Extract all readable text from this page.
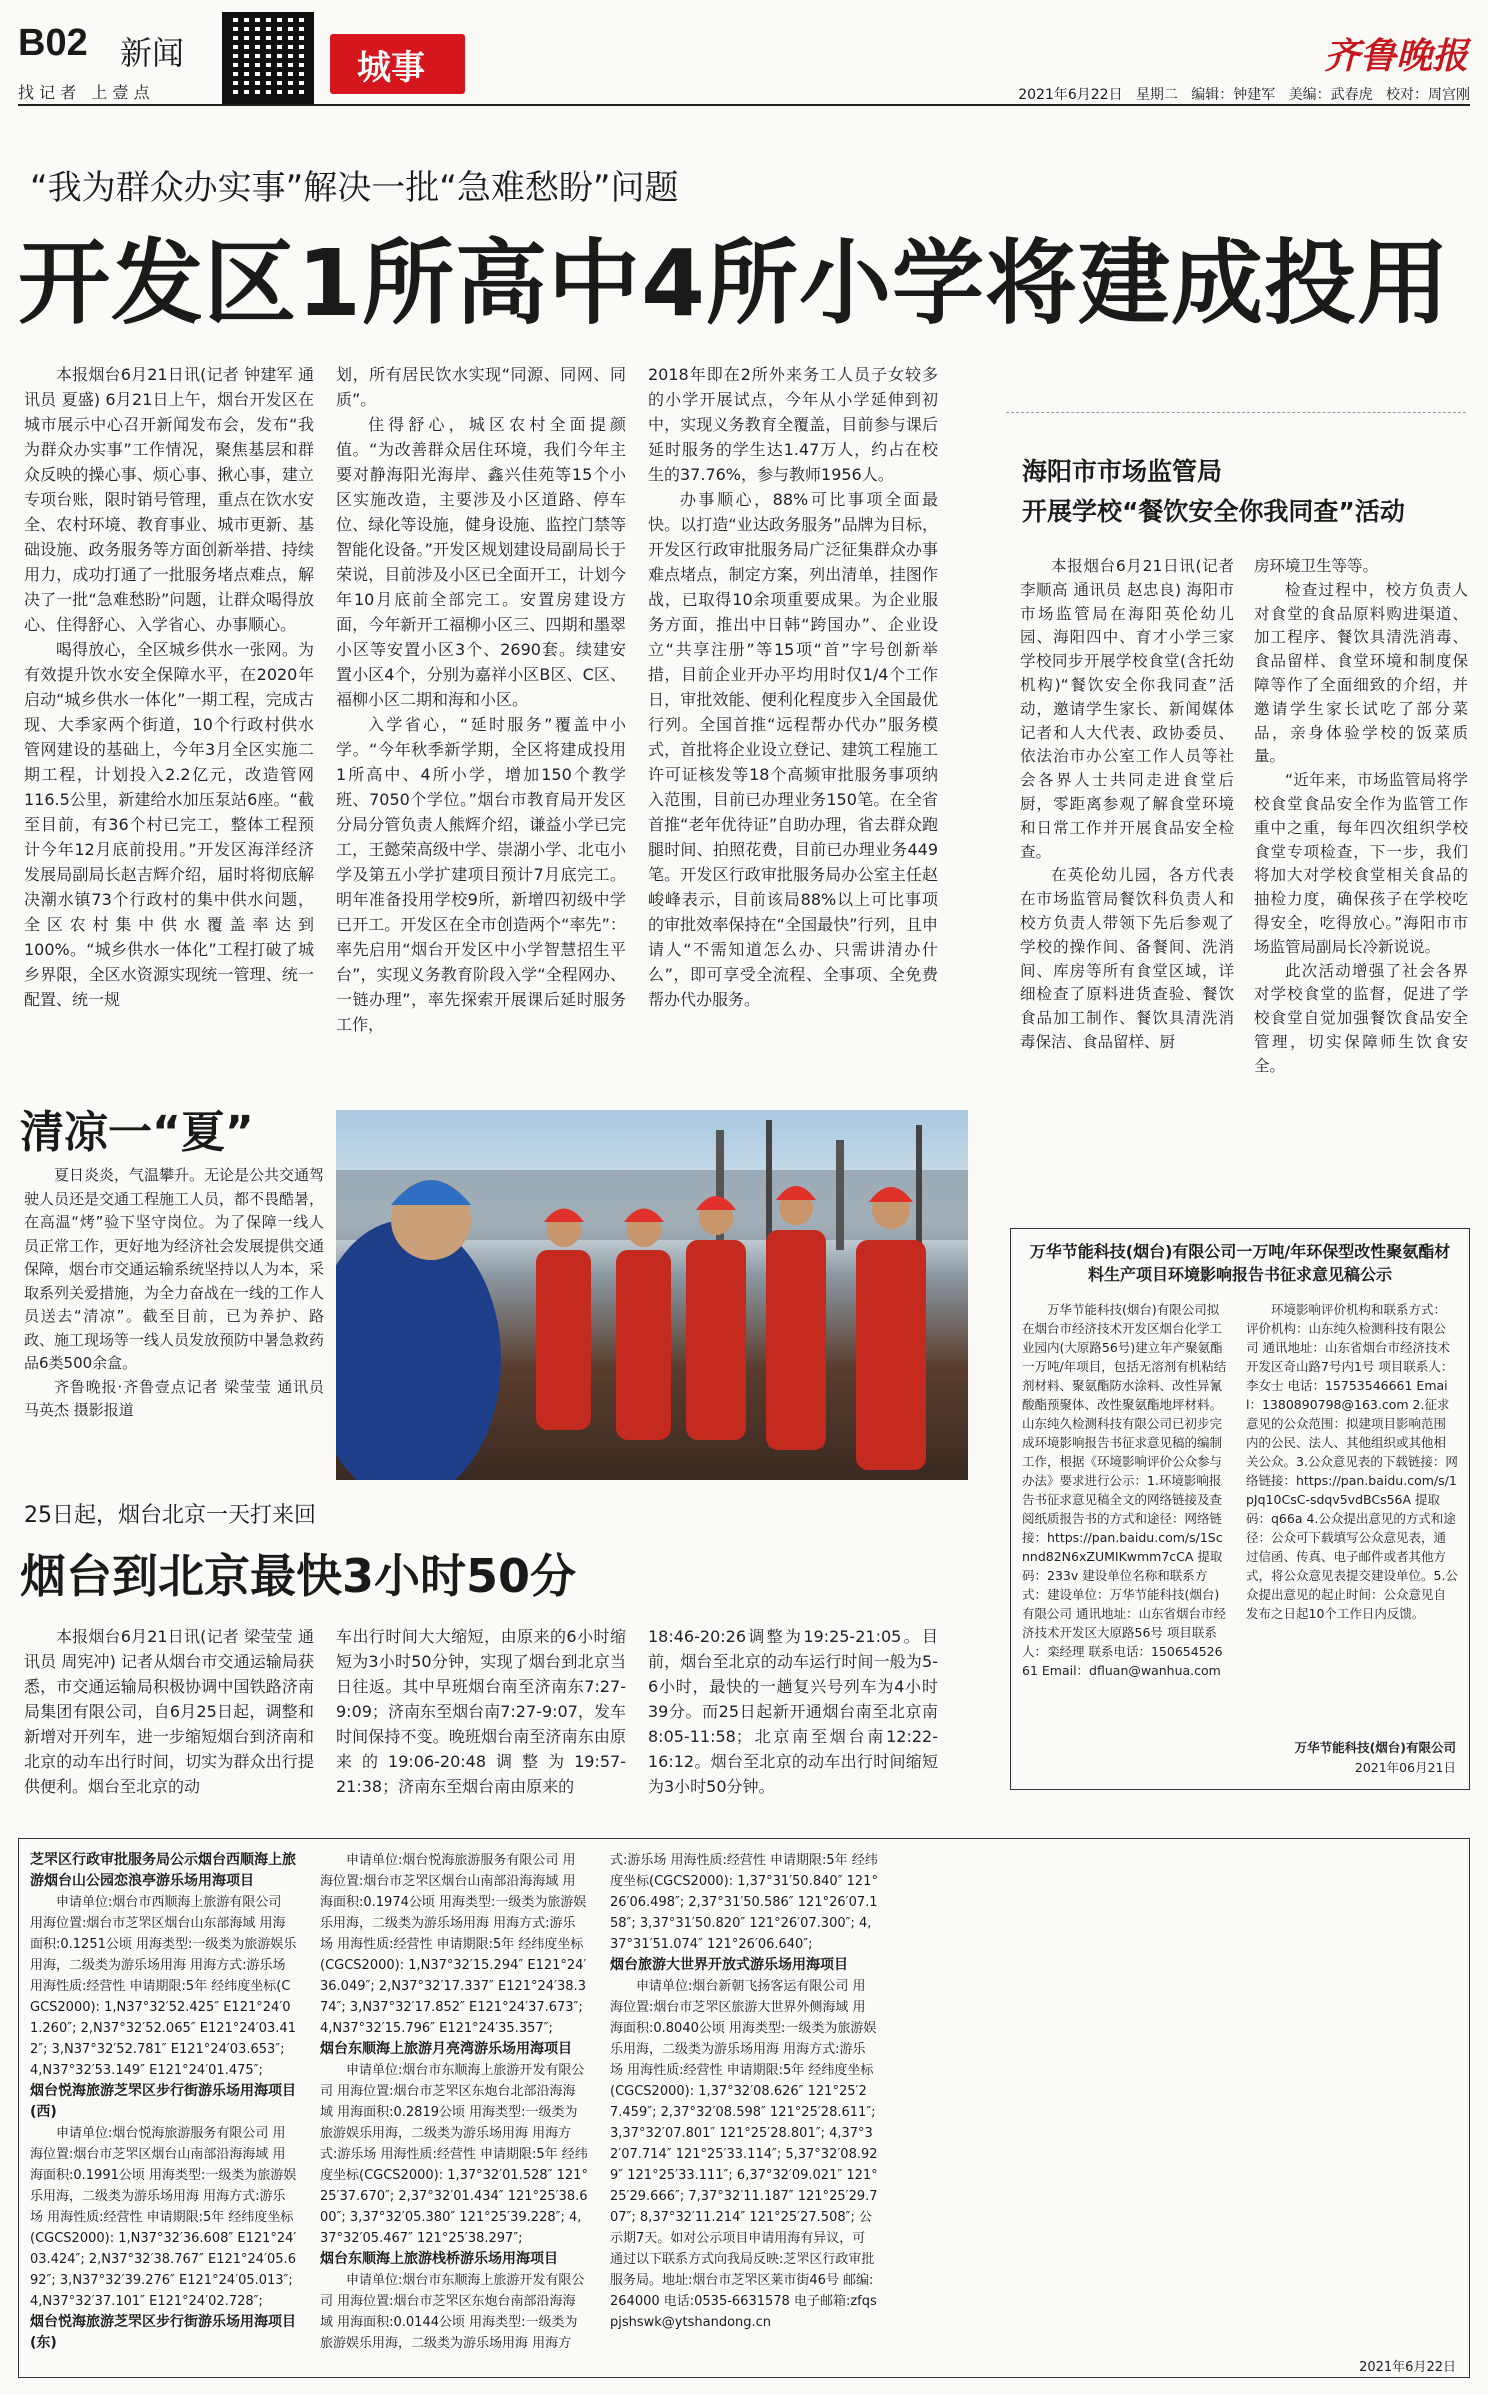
B02 新闻
找 记 者   上 壹 点
城事	齐鲁晚报
2021年6月22日   星期二   编辑：钟建军   美编：武春虎   校对：周宫刚
“我为群众办实事”解决一批“急难愁盼”问题
开发区1所高中4所小学将建成投用

本报烟台6月21日讯(记者 钟建军 通讯员 夏盛) 6月21日上午，烟台开发区在城市展示中心召开新闻发布会，发布“我为群众办实事”工作情况，聚焦基层和群众反映的操心事、烦心事、揪心事，建立专项台账，限时销号管理，重点在饮水安全、农村环境、教育事业、城市更新、基础设施、政务服务等方面创新举措、持续用力，成功打通了一批服务堵点难点，解决了一批“急难愁盼”问题，让群众喝得放心、住得舒心、入学省心、办事顺心。

喝得放心，全区城乡供水一张网。为有效提升饮水安全保障水平，在2020年启动“城乡供水一体化”一期工程，完成古现、大季家两个街道，10个行政村供水管网建设的基础上，今年3月全区实施二期工程，计划投入2.2亿元，改造管网116.5公里，新建给水加压泵站6座。“截至目前，有36个村已完工，整体工程预计今年12月底前投用。”开发区海洋经济发展局副局长赵吉辉介绍，届时将彻底解决潮水镇73个行政村的集中供水问题，全区农村集中供水覆盖率达到100%。“城乡供水一体化”工程打破了城乡界限，全区水资源实现统一管理、统一配置、统一规

划，所有居民饮水实现“同源、同网、同质”。

住得舒心，城区农村全面提颜值。“为改善群众居住环境，我们今年主要对静海阳光海岸、鑫兴佳苑等15个小区实施改造，主要涉及小区道路、停车位、绿化等设施，健身设施、监控门禁等智能化设备。”开发区规划建设局副局长于荣说，目前涉及小区已全面开工，计划今年10月底前全部完工。安置房建设方面，今年新开工福柳小区三、四期和墨翠小区等安置小区3个、2690套。续建安置小区4个，分别为嘉祥小区B区、C区、福柳小区二期和海和小区。

入学省心，“延时服务”覆盖中小学。“今年秋季新学期，全区将建成投用1所高中、4所小学，增加150个教学班、7050个学位。”烟台市教育局开发区分局分管负责人熊辉介绍，谦益小学已完工，王懿荣高级中学、崇湖小学、北屯小学及第五小学扩建项目预计7月底完工。明年准备投用学校9所，新增四初级中学已开工。开发区在全市创造两个“率先”：率先启用“烟台开发区中小学智慧招生平台”，实现义务教育阶段入学“全程网办、一链办理”，率先探索开展课后延时服务工作，

2018年即在2所外来务工人员子女较多的小学开展试点，今年从小学延伸到初中，实现义务教育全覆盖，目前参与课后延时服务的学生达1.47万人，约占在校生的37.76%，参与教师1956人。

办事顺心，88%可比事项全面最快。以打造“业达政务服务”品牌为目标，开发区行政审批服务局广泛征集群众办事难点堵点，制定方案，列出清单，挂图作战，已取得10余项重要成果。为企业服务方面，推出中日韩“跨国办”、企业设立“共享注册”等15项“首”字号创新举措，目前企业开办平均用时仅1/4个工作日，审批效能、便利化程度步入全国最优行列。全国首推“远程帮办代办”服务模式，首批将企业设立登记、建筑工程施工许可证核发等18个高频审批服务事项纳入范围，目前已办理业务150笔。在全省首推“老年优待证”自助办理，省去群众跑腿时间、拍照花费，目前已办理业务449笔。开发区行政审批服务局办公室主任赵峻峰表示，目前该局88%以上可比事项的审批效率保持在“全国最快”行列，且申请人“不需知道怎么办、只需讲清办什么”，即可享受全流程、全事项、全免费帮办代办服务。

海阳市市场监管局
开展学校“餐饮安全你我同查”活动

本报烟台6月21日讯(记者 李顺高 通讯员 赵忠良) 海阳市市场监管局在海阳英伦幼儿园、海阳四中、育才小学三家学校同步开展学校食堂(含托幼机构)“餐饮安全你我同查”活动，邀请学生家长、新闻媒体记者和人大代表、政协委员、依法治市办公室工作人员等社会各界人士共同走进食堂后厨，零距离参观了解食堂环境和日常工作并开展食品安全检查。

在英伦幼儿园，各方代表在市场监管局餐饮科负责人和校方负责人带领下先后参观了学校的操作间、备餐间、洗消间、库房等所有食堂区域，详细检查了原料进货查验、餐饮食品加工制作、餐饮具清洗消毒保洁、食品留样、厨

房环境卫生等等。

检查过程中，校方负责人对食堂的食品原料购进渠道、加工程序、餐饮具清洗消毒、食品留样、食堂环境和制度保障等作了全面细致的介绍，并邀请学生家长试吃了部分菜品，亲身体验学校的饭菜质量。

“近年来，市场监管局将学校食堂食品安全作为监管工作重中之重，每年四次组织学校食堂专项检查，下一步，我们将加大对学校食堂相关食品的抽检力度，确保孩子在学校吃得安全，吃得放心。”海阳市市场监管局副局长冷新说说。

此次活动增强了社会各界对学校食堂的监督，促进了学校食堂自觉加强餐饮食品安全管理，切实保障师生饮食安全。

清凉一“夏”

夏日炎炎，气温攀升。无论是公共交通驾驶人员还是交通工程施工人员，都不畏酷暑，在高温“烤”验下坚守岗位。为了保障一线人员正常工作，更好地为经济社会发展提供交通保障，烟台市交通运输系统坚持以人为本，采取系列关爱措施，为全力奋战在一线的工作人员送去“清凉”。截至目前，已为养护、路政、施工现场等一线人员发放预防中暑急救药品6类500余盒。

齐鲁晚报·齐鲁壹点记者 梁莹莹 通讯员 马英杰 摄影报道

25日起，烟台北京一天打来回
烟台到北京最快3小时50分

本报烟台6月21日讯(记者 梁莹莹 通讯员 周宪冲) 记者从烟台市交通运输局获悉，市交通运输局积极协调中国铁路济南局集团有限公司，自6月25日起，调整和新增对开列车，进一步缩短烟台到济南和北京的动车出行时间，切实为群众出行提供便利。烟台至北京的动

车出行时间大大缩短，由原来的6小时缩短为3小时50分钟，实现了烟台到北京当日往返。其中早班烟台南至济南东7:27-9:09；济南东至烟台南7:27-9:07，发车时间保持不变。晚班烟台南至济南东由原来的19:06-20:48调整为19:57-21:38；济南东至烟台南由原来的

18:46-20:26调整为19:25-21:05。目前，烟台至北京的动车运行时间一般为5-6小时，最快的一趟复兴号列车为4小时39分。而25日起新开通烟台南至北京南8:05-11:58；北京南至烟台南12:22-16:12。烟台至北京的动车出行时间缩短为3小时50分钟。

万华节能科技(烟台)有限公司一万吨/年环保型改性聚氨酯材料生产项目环境影响报告书征求意见稿公示

万华节能科技(烟台)有限公司拟在烟台市经济技术开发区烟台化学工业园内(大原路56号)建立年产聚氨酯一万吨/年项目，包括无溶剂有机粘结剂材料、聚氨酯防水涂料、改性异氰酸酯预聚体、改性聚氨酯地坪材料。山东纯久检测科技有限公司已初步完成环境影响报告书征求意见稿的编制工作，根据《环境影响评价公众参与办法》要求进行公示：1.环境影响报告书征求意见稿全文的网络链接及查阅纸质报告书的方式和途径：网络链接：https://pan.baidu.com/s/1Scnnd82N6xZUMIKwmm7cCA 提取码：233v 建设单位名称和联系方式：建设单位：万华节能科技(烟台)有限公司 通讯地址：山东省烟台市经济技术开发区大原路56号 项目联系人：栾经理 联系电话：15065452661 Email：dfluan@wanhua.com

环境影响评价机构和联系方式：评价机构：山东纯久检测科技有限公司 通讯地址：山东省烟台市经济技术开发区奇山路7号内1号 项目联系人：李女士 电话：15753546661 Email：1380890798@163.com 2.征求意见的公众范围：拟建项目影响范围内的公民、法人、其他组织或其他相关公众。3.公众意见表的下载链接：网络链接：https://pan.baidu.com/s/1pJq10CsC-sdqv5vdBCs56A 提取码：q66a 4.公众提出意见的方式和途径：公众可下载填写公众意见表，通过信函、传真、电子邮件或者其他方式，将公众意见表提交建设单位。5.公众提出意见的起止时间：公众意见自发布之日起10个工作日内反馈。

万华节能科技(烟台)有限公司
2021年06月21日
芝罘区行政审批服务局公示烟台西顺海上旅游烟台山公园恋浪亭游乐场用海项目

申请单位:烟台市西顺海上旅游有限公司 用海位置:烟台市芝罘区烟台山东部海域 用海面积:0.1251公顷 用海类型:一级类为旅游娱乐用海，二级类为游乐场用海 用海方式:游乐场 用海性质:经营性 申请期限:5年 经纬度坐标(CGCS2000): 1,N37°32′52.425″ E121°24′01.260″; 2,N37°32′52.065″ E121°24′03.412″; 3,N37°32′52.781″ E121°24′03.653″; 4,N37°32′53.149″ E121°24′01.475″;

烟台悦海旅游芝罘区步行街游乐场用海项目(西)

申请单位:烟台悦海旅游服务有限公司 用海位置:烟台市芝罘区烟台山南部沿海海域 用海面积:0.1991公顷 用海类型:一级类为旅游娱乐用海，二级类为游乐场用海 用海方式:游乐场 用海性质:经营性 申请期限:5年 经纬度坐标(CGCS2000): 1,N37°32′36.608″ E121°24′03.424″; 2,N37°32′38.767″ E121°24′05.692″; 3,N37°32′39.276″ E121°24′05.013″; 4,N37°32′37.101″ E121°24′02.728″;

烟台悦海旅游芝罘区步行街游乐场用海项目(东)

申请单位:烟台悦海旅游服务有限公司 用海位置:烟台市芝罘区烟台山南部沿海海域 用海面积:0.1974公顷 用海类型:一级类为旅游娱乐用海，二级类为游乐场用海 用海方式:游乐场 用海性质:经营性 申请期限:5年 经纬度坐标(CGCS2000): 1,N37°32′15.294″ E121°24′36.049″; 2,N37°32′17.337″ E121°24′38.374″; 3,N37°32′17.852″ E121°24′37.673″; 4,N37°32′15.796″ E121°24′35.357″;

烟台东顺海上旅游月亮湾游乐场用海项目

申请单位:烟台市东顺海上旅游开发有限公司 用海位置:烟台市芝罘区东炮台北部沿海海域 用海面积:0.2819公顷 用海类型:一级类为旅游娱乐用海，二级类为游乐场用海 用海方式:游乐场 用海性质:经营性 申请期限:5年 经纬度坐标(CGCS2000): 1,37°32′01.528″ 121°25′37.670″; 2,37°32′01.434″ 121°25′38.600″; 3,37°32′05.380″ 121°25′39.228″; 4,37°32′05.467″ 121°25′38.297″;

烟台东顺海上旅游栈桥游乐场用海项目

申请单位:烟台市东顺海上旅游开发有限公司 用海位置:烟台市芝罘区东炮台南部沿海海域 用海面积:0.0144公顷 用海类型:一级类为旅游娱乐用海，二级类为游乐场用海 用海方式:游乐场 用海性质:经营性 申请期限:5年 经纬度坐标(CGCS2000): 1,37°31′50.840″ 121°26′06.498″; 2,37°31′50.586″ 121°26′07.158″; 3,37°31′50.820″ 121°26′07.300″; 4,37°31′51.074″ 121°26′06.640″;

烟台旅游大世界开放式游乐场用海项目

申请单位:烟台新朝飞扬客运有限公司 用海位置:烟台市芝罘区旅游大世界外侧海域 用海面积:0.8040公顷 用海类型:一级类为旅游娱乐用海，二级类为游乐场用海 用海方式:游乐场 用海性质:经营性 申请期限:5年 经纬度坐标(CGCS2000): 1,37°32′08.626″ 121°25′27.459″; 2,37°32′08.598″ 121°25′28.611″; 3,37°32′07.801″ 121°25′28.801″; 4,37°32′07.714″ 121°25′33.114″; 5,37°32′08.929″ 121°25′33.111″; 6,37°32′09.021″ 121°25′29.666″; 7,37°32′11.187″ 121°25′29.707″; 8,37°32′11.214″ 121°25′27.508″; 公示期7天。如对公示项目申请用海有异议，可通过以下联系方式向我局反映:芝罘区行政审批服务局。地址:烟台市芝罘区莱市街46号 邮编:264000 电话:0535-6631578 电子邮箱:zfqspjshswk@ytshandong.cn

2021年6月22日
